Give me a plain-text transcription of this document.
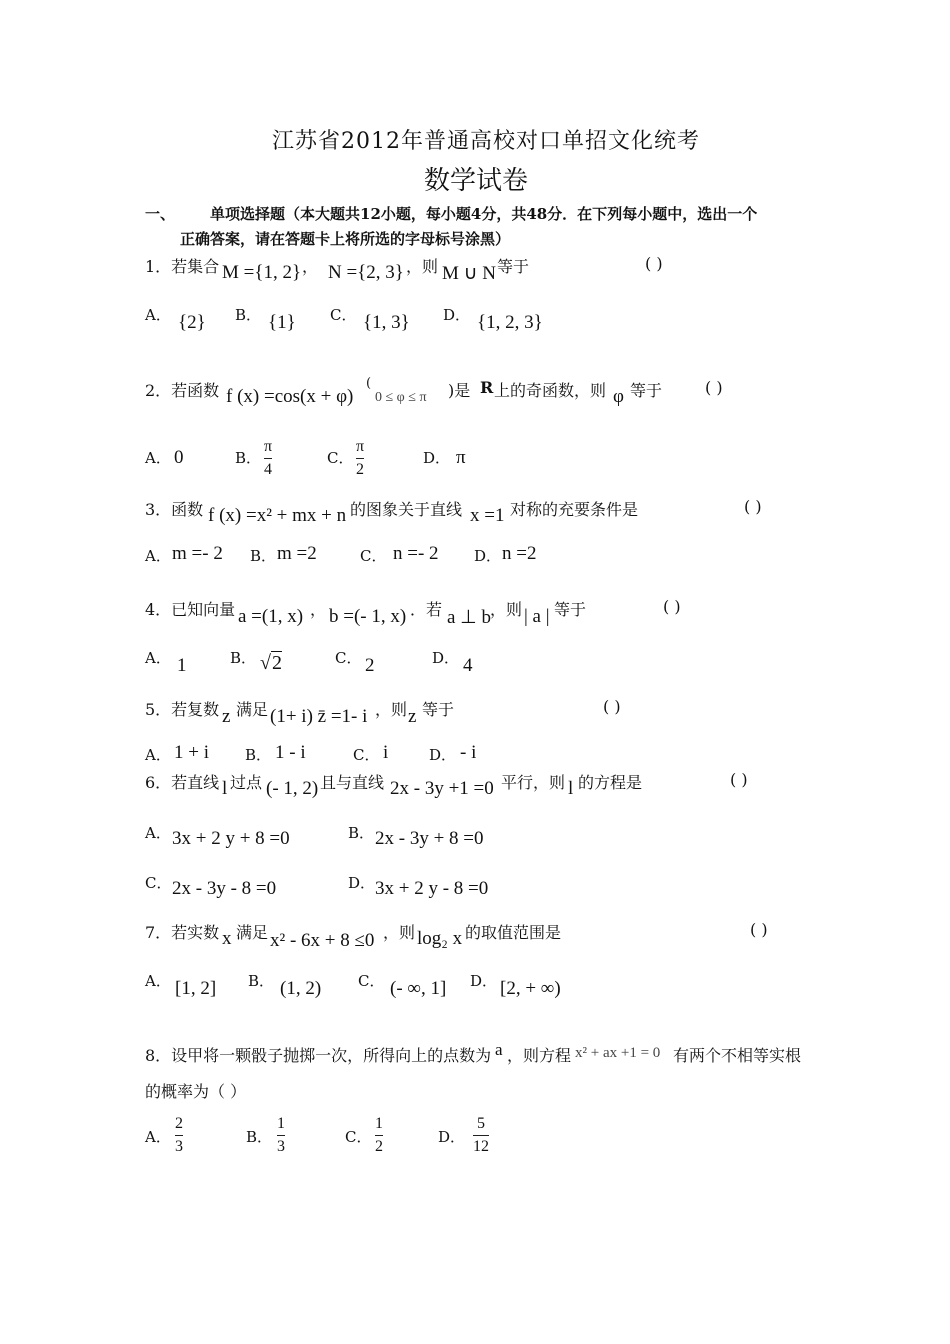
江苏省2012年普通高校对口单招文化统考
数学试卷
一、 单项选择题（本大题共12小题，每小题4分，共48分．在下列每小题中，选出一个
正确答案，请在答题卡上将所选的字母标号涂黑）
1．若集合 M ={1, 2} ， N ={2, 3} ，则 M ∪ N 等于	( )
A． {2} B． {1} C． {1, 3} D． {1, 2, 3}
2．若函数 f (x) =cos(x + φ)
(
0 ≤ φ ≤ π )是 R 上的奇函数，则 φ 等于	( )
A． 0	B．
π
4
C．
π
2
D． π
3．函数 f (x) =x² + mx + n 的图象关于直线 x =1 对称的充要条件是	( )
A． m =- 2 B． m =2	C． n =- 2 D． n =2
4．已知向量 a =(1, x) ， b =(- 1, x) ．若 a ⊥ b ，则 | a | 等于	( )
A． 1	B． √2	C． 2	D． 4
5．若复数 z 满足 (1+ i) z̄ =1- i ，则 z 等于	( )
A． 1 + i B． 1 - i	C． i	D． - i
6．若直线 l 过点 (- 1, 2) 且与直线 2x - 3y +1 =0 平行，则 l 的方程是	( )
A． 3x + 2 y + 8 =0	B． 2x - 3y + 8 =0
C． 2x - 3y - 8 =0	D． 3x + 2 y - 8 =0
7．若实数 x 满足 x² - 6x + 8 ≤0 ，则 log₂ x 的取值范围是	( )
A． [1, 2] B． (1, 2) C． (- ∞, 1] D． [2, + ∞)
8．设甲将一颗骰子抛掷一次，所得向上的点数为 a ，则方程 x² + ax +1 = 0 有两个不相等实根
的概率为（ ）
A．
2
3
B．
1
3
C．
1
2
D．
5
12
